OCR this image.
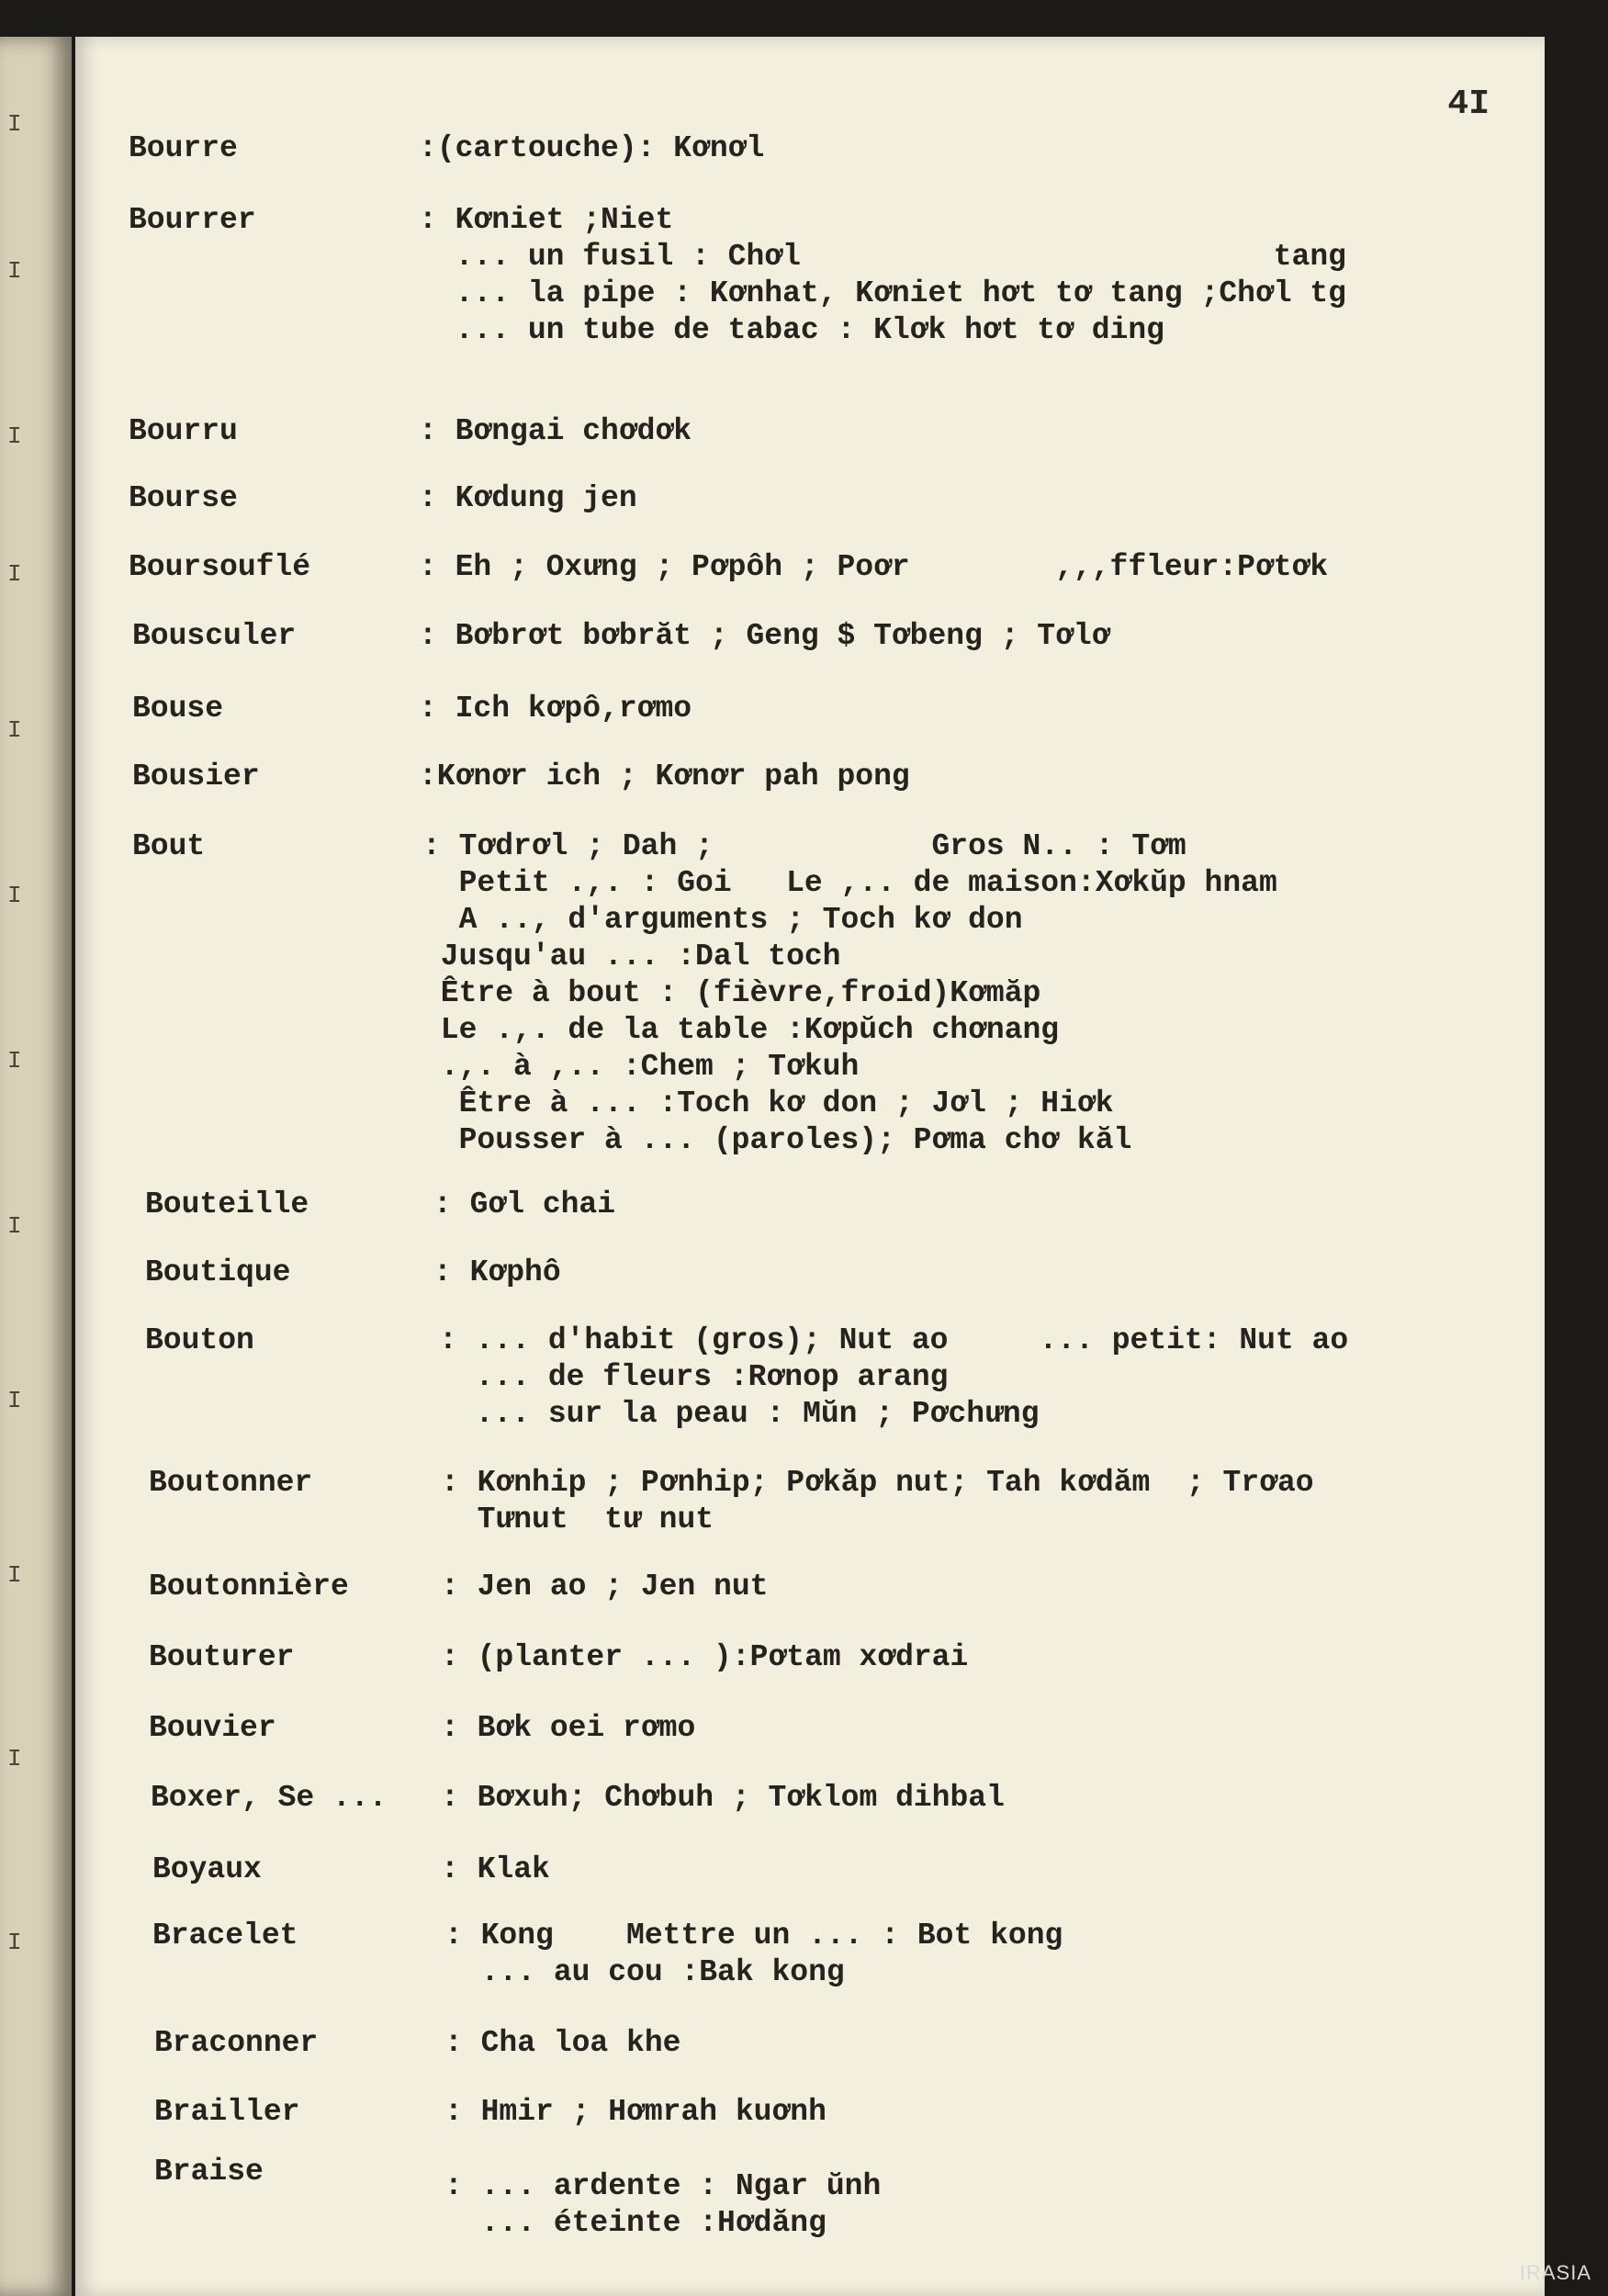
I
I
I
I
I
I
I
I
I
I
I
I
4I
Bourre	:(cartouche): Kơnơl
Bourrer	: Kơniet ;Niet
... un fusil : Chơl                          tang
... la pipe : Kơnhat, Kơniet hơt tơ tang ;Chơl tg
... un tube de tabac : Klơk hơt tơ ding
Bourru	: Bơngai chơdơk
Bourse	: Kơdung jen
Boursouflé	: Eh ; Oxưng ; Pơpôh ; Poơr        ,,,ffleur:Pơtơk
Bousculer	: Bơbrơt bơbrăt ; Geng $ Tơbeng ; Tơlơ
Bouse	: Ich kơpô,rơmo
Bousier	:Kơnơr ich ; Kơnơr pah pong
Bout	: Tơdrơl ; Dah ;            Gros N.. : Tơm
Petit .,. : Goi   Le ,.. de maison:Xơkŭp hnam
A .., d'arguments ; Toch kơ don
Jusqu'au ... :Dal toch
Être à bout : (fièvre,froid)Kơmăp
Le .,. de la table :Kơpŭch chơnang
.,. à ,.. :Chem ; Tơkuh
Être à ... :Toch kơ don ; Jơl ; Hiơk
Pousser à ... (paroles); Pơma chơ kăl
Bouteille	: Gơl chai
Boutique	: Kơphô
Bouton	: ... d'habit (gros); Nut ao     ... petit: Nut ao
... de fleurs :Rơnop arang
... sur la peau : Mŭn ; Pơchưng
Boutonner	: Kơnhip ; Pơnhip; Pơkăp nut; Tah kơdăm  ; Trơao
Tưnut  tư nut
Boutonnière	: Jen ao ; Jen nut
Bouturer	: (planter ... ):Pơtam xơdrai
Bouvier	: Bơk oei rơmo
Boxer, Se ... : Bơxuh; Chơbuh ; Tơklom dihbal
Boyaux	: Klak
Bracelet	: Kong    Mettre un ... : Bot kong
... au cou :Bak kong
Braconner	: Cha loa khe
Brailler	: Hmir ; Hơmrah kuơnh
Braise	: ... ardente : Ngar ŭnh
... éteinte :Hơdăng
IRASIA
